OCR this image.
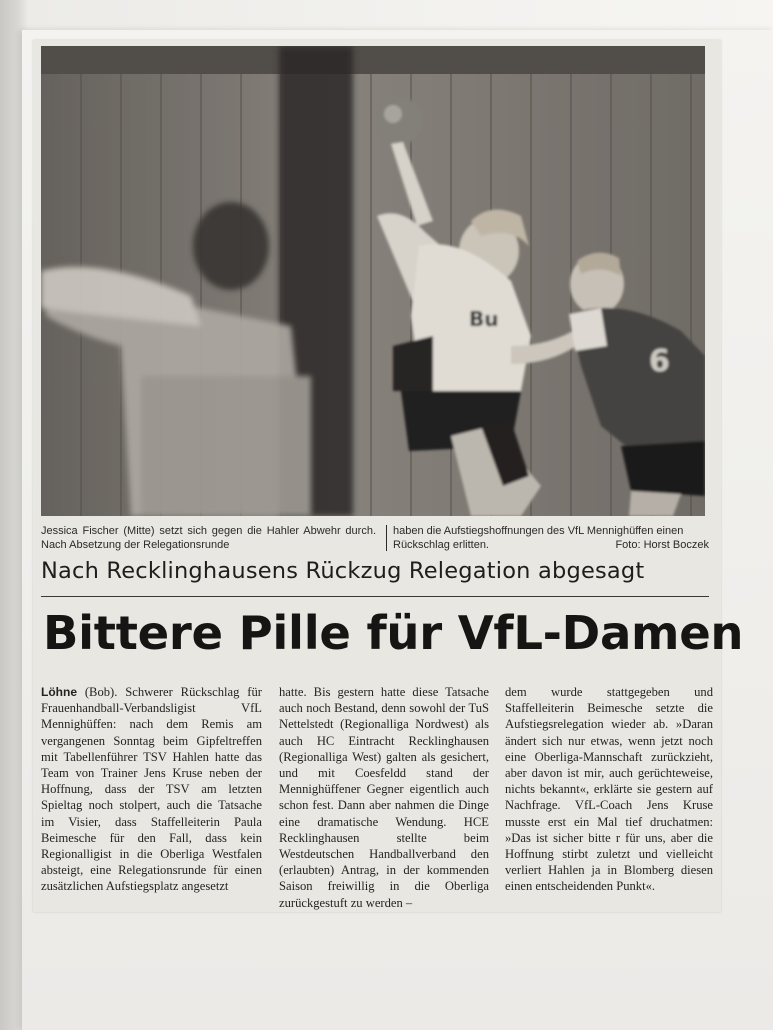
Bu
6
Jessica Fischer (Mitte) setzt sich gegen die Hahler Abwehr durch. Nach Absetzung der Relegationsrunde
haben die Aufstiegshoffnungen des VfL Mennighüffen einen Rückschlag erlitten.	Foto: Horst Boczek
Nach Recklinghausens Rückzug Relegation abgesagt
Bittere Pille für VfL-Damen
Löhne (Bob). Schwerer Rückschlag für Frauenhandball-Verbandsligist VfL Mennighüffen: nach dem Remis am vergangenen Sonntag beim Gipfeltreffen mit Tabellenführer TSV Hahlen hatte das Team von Trainer Jens Kruse neben der Hoffnung, dass der TSV am letzten Spieltag noch stolpert, auch die Tatsache im Visier, dass Staffelleiterin Paula Beimesche für den Fall, dass kein Regionalligist in die Oberliga Westfalen absteigt, eine Relegationsrunde für einen zusätzlichen Aufstiegsplatz angesetzt
hatte. Bis gestern hatte diese Tatsache auch noch Bestand, denn sowohl der TuS Nettelstedt (Regionalliga Nordwest) als auch HC Eintracht Recklinghausen (Regionalliga West) galten als gesichert, und mit Coesfeldd stand der Mennighüffener Gegner eigentlich auch schon fest. Dann aber nahmen die Dinge eine dramatische Wendung. HCE Recklinghausen stellte beim Westdeutschen Handballverband den (erlaubten) Antrag, in der kommenden Saison freiwillig in die Oberliga zurückgestuft zu werden –
dem wurde stattgegeben und Staffelleiterin Beimesche setzte die Aufstiegsrelegation wieder ab. »Daran ändert sich nur etwas, wenn jetzt noch eine Oberliga-Mannschaft zurückzieht, aber davon ist mir, auch gerüchteweise, nichts bekannt«, erklärte sie gestern auf Nachfrage. VfL-Coach Jens Kruse musste erst ein Mal tief druchatmen: »Das ist sicher bitte r für uns, aber die Hoffnung stirbt zuletzt und vielleicht verliert Hahlen ja in Blomberg diesen einen entscheidenden Punkt«.
